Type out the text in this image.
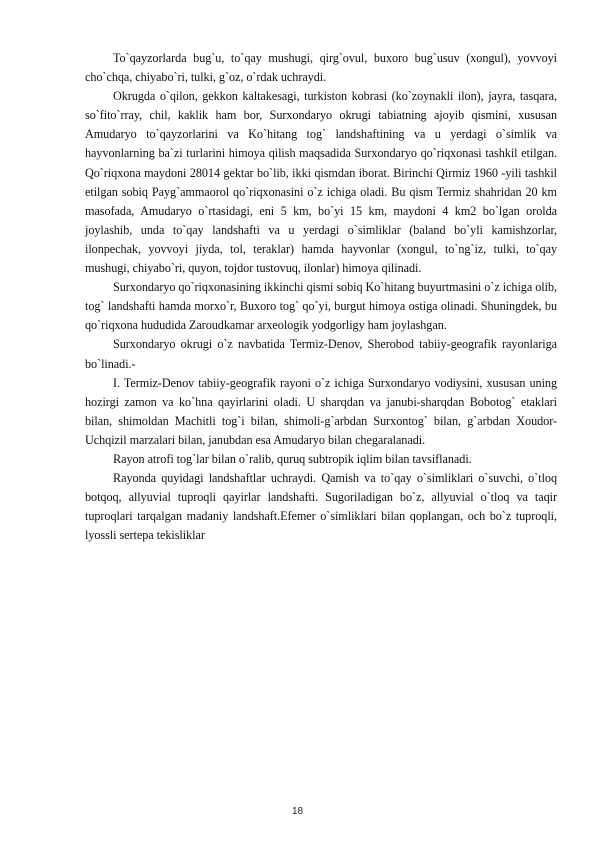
To`qayzorlarda bug`u, to`qay mushugi, qirg`ovul, buxoro bug`usuv (xongul), yovvoyi cho`chqa, chiyabo`ri, tulki, g`oz, o`rdak uchraydi.

Okrugda o`qilon, gekkon kaltakesagi, turkiston kobrasi (ko`zoynakli ilon), jayra, tasqara, so`fito`rray, chil, kaklik ham bor, Surxondaryo okrugi tabiatning ajoyib qismini, xususan Amudaryo to`qayzorlarini va Ko`hitang tog` landshaftining va u yerdagi o`simlik va hayvonlarning ba`zi turlarini himoya qilish maqsadida Surxondaryo qo`riqxonasi tashkil etilgan. Qo`riqxona maydoni 28014 gektar bo`lib, ikki qismdan iborat. Birinchi Qirmiz 1960 -yili tashkil etilgan sobiq Payg`ammaorol qo`riqxonasini o`z ichiga oladi. Bu qism Termiz shahridan 20 km masofada, Amudaryo o`rtasidagi, eni 5 km, bo`yi 15 km, maydoni 4 km2 bo`lgan orolda joylashib, unda to`qay landshafti va u yerdagi o`simliklar (baland bo`yli kamishzorlar, ilonpechak, yovvoyi jiyda, tol, teraklar) hamda hayvonlar (xongul, to`ng`iz, tulki, to`qay mushugi, chiyabo`ri, quyon, tojdor tustovuq, ilonlar) himoya qilinadi.

Surxondaryo qo`riqxonasining ikkinchi qismi sobiq Ko`hitang buyurtmasini o`z ichiga olib, tog` landshafti hamda morxo`r, Buxoro tog` qo`yi, burgut himoya ostiga olinadi. Shuningdek, bu qo`riqxona hududida Zaroudkamar arxeologik yodgorligy ham joylashgan.

Surxondaryo okrugi o`z navbatida Termiz-Denov, Sherobod tabiiy-geografik rayonlariga bo`linadi.-

I. Termiz-Denov tabiiy-geografik rayoni o`z ichiga Surxondaryo vodiysini, xususan uning hozirgi zamon va ko`hna qayirlarini oladi. U sharqdan va janubi-sharqdan Bobotog` etaklari bilan, shimoldan Machitli tog`i bilan, shimoli-g`arbdan Surxontog` bilan, g`arbdan Xoudor-Uchqizil marzalari bilan, janubdan esa Amudaryo bilan chegaralanadi.

Rayon atrofi tog`lar bilan o`ralib, quruq subtropik iqlim bilan tavsiflanadi.

Rayonda quyidagi landshaftlar uchraydi. Qamish va to`qay o`simliklari o`suvchi, o`tloq botqoq, allyuvial tuproqli qayirlar landshafti. Sugoriladigan bo`z, allyuvial o`tloq va taqir tuproqlari tarqalgan madaniy landshaft.Efemer o`simliklari bilan qoplangan, och bo`z tuproqli, lyossli sertepa tekisliklar

18
